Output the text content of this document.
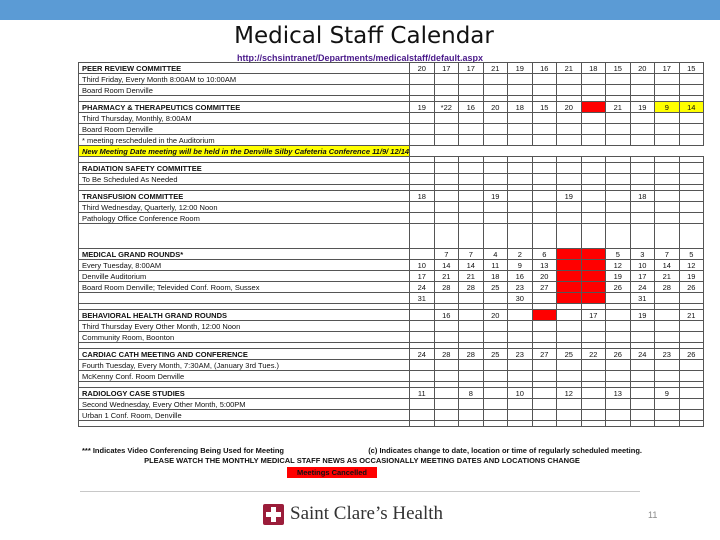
Medical Staff Calendar
http://schsintranet/Departments/medicalstaff/default.aspx
PEER REVIEW COMMITTEE	20	17	17	21	19	16	21	18	15	20	17	15
Third Friday, Every Month 8:00AM to 10:00AM												
Board Room Denville												

PHARMACY & THERAPEUTICS COMMITTEE	19	*22	16	20	18	15	20		21	19	9	14
Third Thursday, Monthly, 8:00AM												
Board Room Denville												
* meeting rescheduled in the Auditorium												
New Meeting Date meeting will be held in the Denville Silby Cafeteria Conference 11/9/ 12/14												

RADIATION SAFETY COMMITTEE												
To Be Scheduled As Needed												

TRANSFUSION COMMITTEE	18			19			19			18		
Third Wednesday, Quarterly, 12:00 Noon												
Pathology Office Conference Room												

MEDICAL GRAND ROUNDS*		7	7	4	2	6			5	3	7	5
Every Tuesday, 8:00AM	10	14	14	11	9	13			12	10	14	12
Denville Auditorium	17	21	21	18	16	20			19	17	21	19
Board Room Denville; Televided Conf. Room, Sussex	24	28	28	25	23	27			26	24	28	26
	31				30					31		

BEHAVIORAL HEALTH GRAND ROUNDS		16		20				17		19		21
Third Thursday Every Other Month, 12:00 Noon												
Community Room, Boonton												

CARDIAC CATH MEETING AND CONFERENCE	24	28	28	25	23	27	25	22	26	24	23	26
Fourth Tuesday, Every Month, 7:30AM, (January 3rd Tues.)												
McKenny Conf. Room Denville												

RADIOLOGY CASE STUDIES	11		8		10		12		13		9	
Second Wednesday, Every Other Month, 5:00PM												
Urban 1 Conf. Room, Denville												

*** Indicates Video Conferencing Being Used for Meeting	(c) Indicates change to date, location or time of regularly scheduled meeting.
PLEASE WATCH THE MONTHLY MEDICAL STAFF NEWS AS OCCASIONALLY MEETING DATES AND LOCATIONS CHANGE
Meetings Cancelled
Saint Clare’s Health	11
